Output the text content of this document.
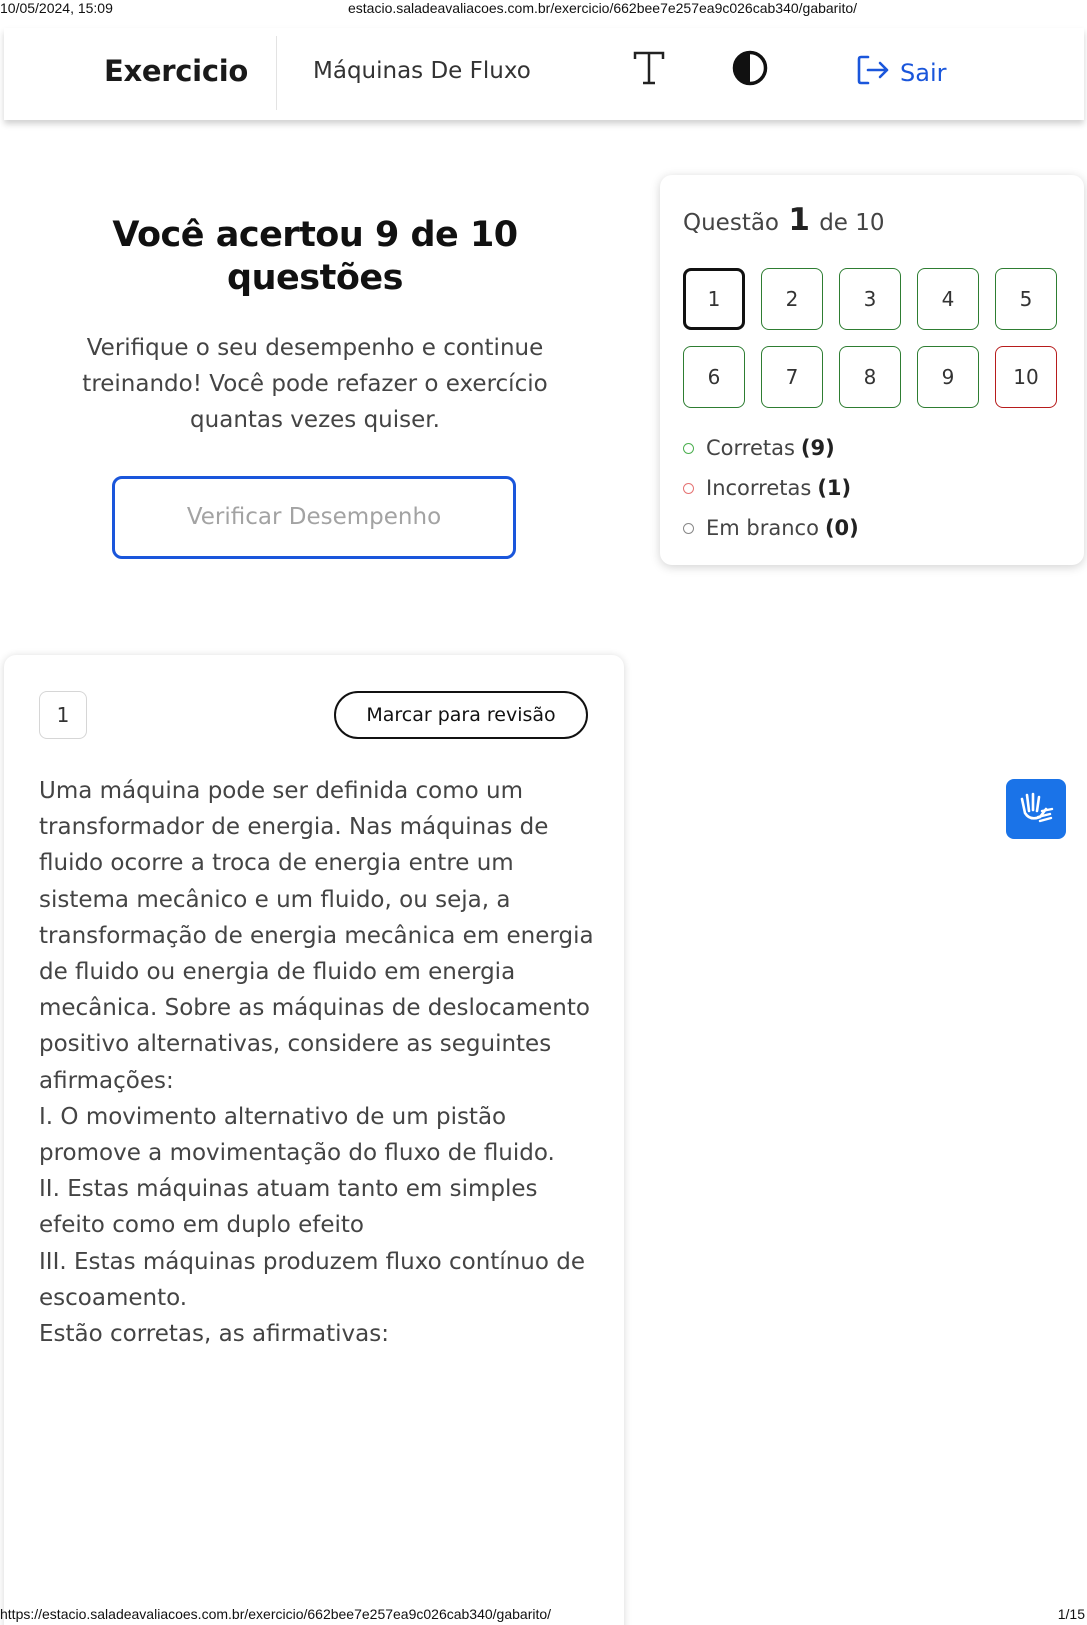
10/05/2024, 15:09	estacio.saladeavaliacoes.com.br/exercicio/662bee7e257ea9c026cab340/gabarito/
Exercicio	Máquinas De Fluxo	Sair
Você acertou 9 de 10 questões
Verifique o seu desempenho e continue treinando! Você pode refazer o exercício quantas vezes quiser.
Verificar Desempenho
Questão 1 de 10
1	2	3	4	5
6	7	8	9	10
Corretas (9)
Incorretas (1)
Em branco (0)
1	Marcar para revisão

Uma máquina pode ser definida como um transformador de energia. Nas máquinas de fluido ocorre a troca de energia entre um sistema mecânico e um fluido, ou seja, a transformação de energia mecânica em energia de fluido ou energia de fluido em energia mecânica. Sobre as máquinas de deslocamento positivo alternativas, considere as seguintes afirmações:

I. O movimento alternativo de um pistão promove a movimentação do fluxo de fluido.

II. Estas máquinas atuam tanto em simples efeito como em duplo efeito

III. Estas máquinas produzem fluxo contínuo de escoamento.

Estão corretas, as afirmativas:

https://estacio.saladeavaliacoes.com.br/exercicio/662bee7e257ea9c026cab340/gabarito/	1/15
